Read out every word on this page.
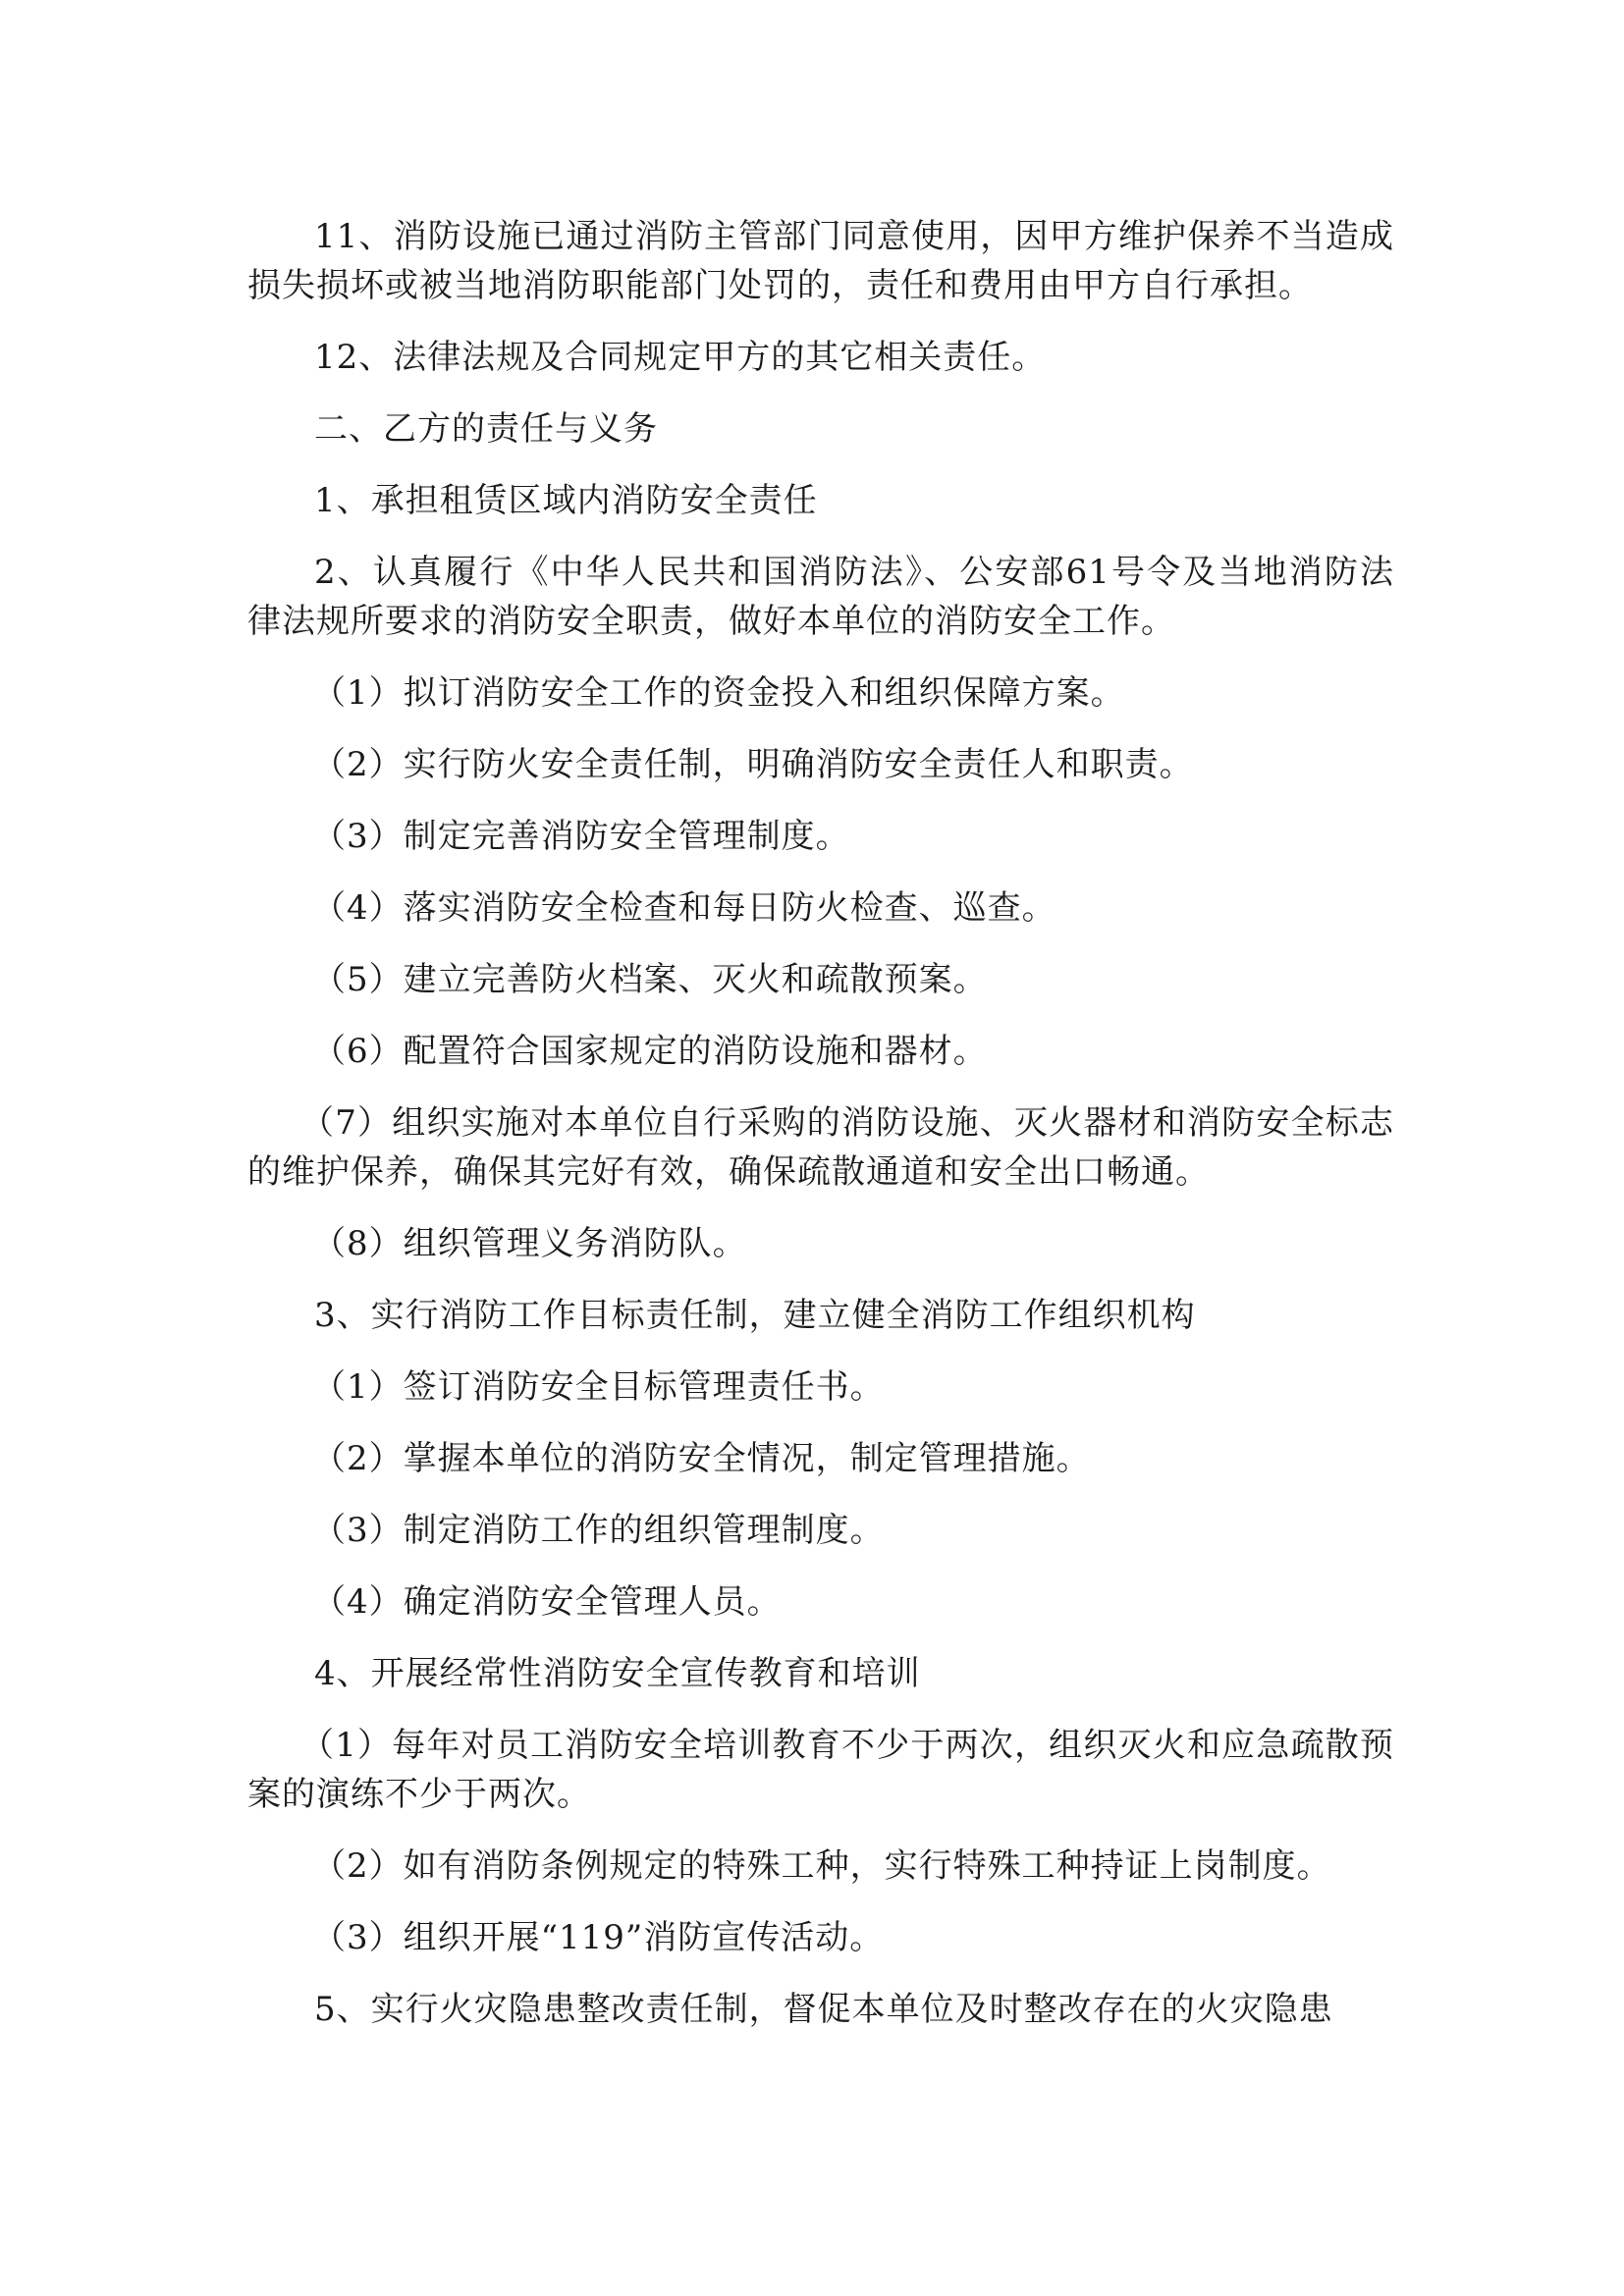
11、消防设施已通过消防主管部门同意使用，因甲方维护保养不当造成损失损坏或被当地消防职能部门处罚的，责任和费用由甲方自行承担。

12、法律法规及合同规定甲方的其它相关责任。

二、乙方的责任与义务

1、承担租赁区域内消防安全责任

2、认真履行《中华人民共和国消防法》、公安部61号令及当地消防法律法规所要求的消防安全职责，做好本单位的消防安全工作。

（1）拟订消防安全工作的资金投入和组织保障方案。

（2）实行防火安全责任制，明确消防安全责任人和职责。

（3）制定完善消防安全管理制度。

（4）落实消防安全检查和每日防火检查、巡查。

（5）建立完善防火档案、灭火和疏散预案。

（6）配置符合国家规定的消防设施和器材。

（7）组织实施对本单位自行采购的消防设施、灭火器材和消防安全标志的维护保养，确保其完好有效，确保疏散通道和安全出口畅通。

（8）组织管理义务消防队。

3、实行消防工作目标责任制，建立健全消防工作组织机构

（1）签订消防安全目标管理责任书。

（2）掌握本单位的消防安全情况，制定管理措施。

（3）制定消防工作的组织管理制度。

（4）确定消防安全管理人员。

4、开展经常性消防安全宣传教育和培训

（1）每年对员工消防安全培训教育不少于两次，组织灭火和应急疏散预案的演练不少于两次。

（2）如有消防条例规定的特殊工种，实行特殊工种持证上岗制度。

（3）组织开展“119”消防宣传活动。

5、实行火灾隐患整改责任制，督促本单位及时整改存在的火灾隐患
